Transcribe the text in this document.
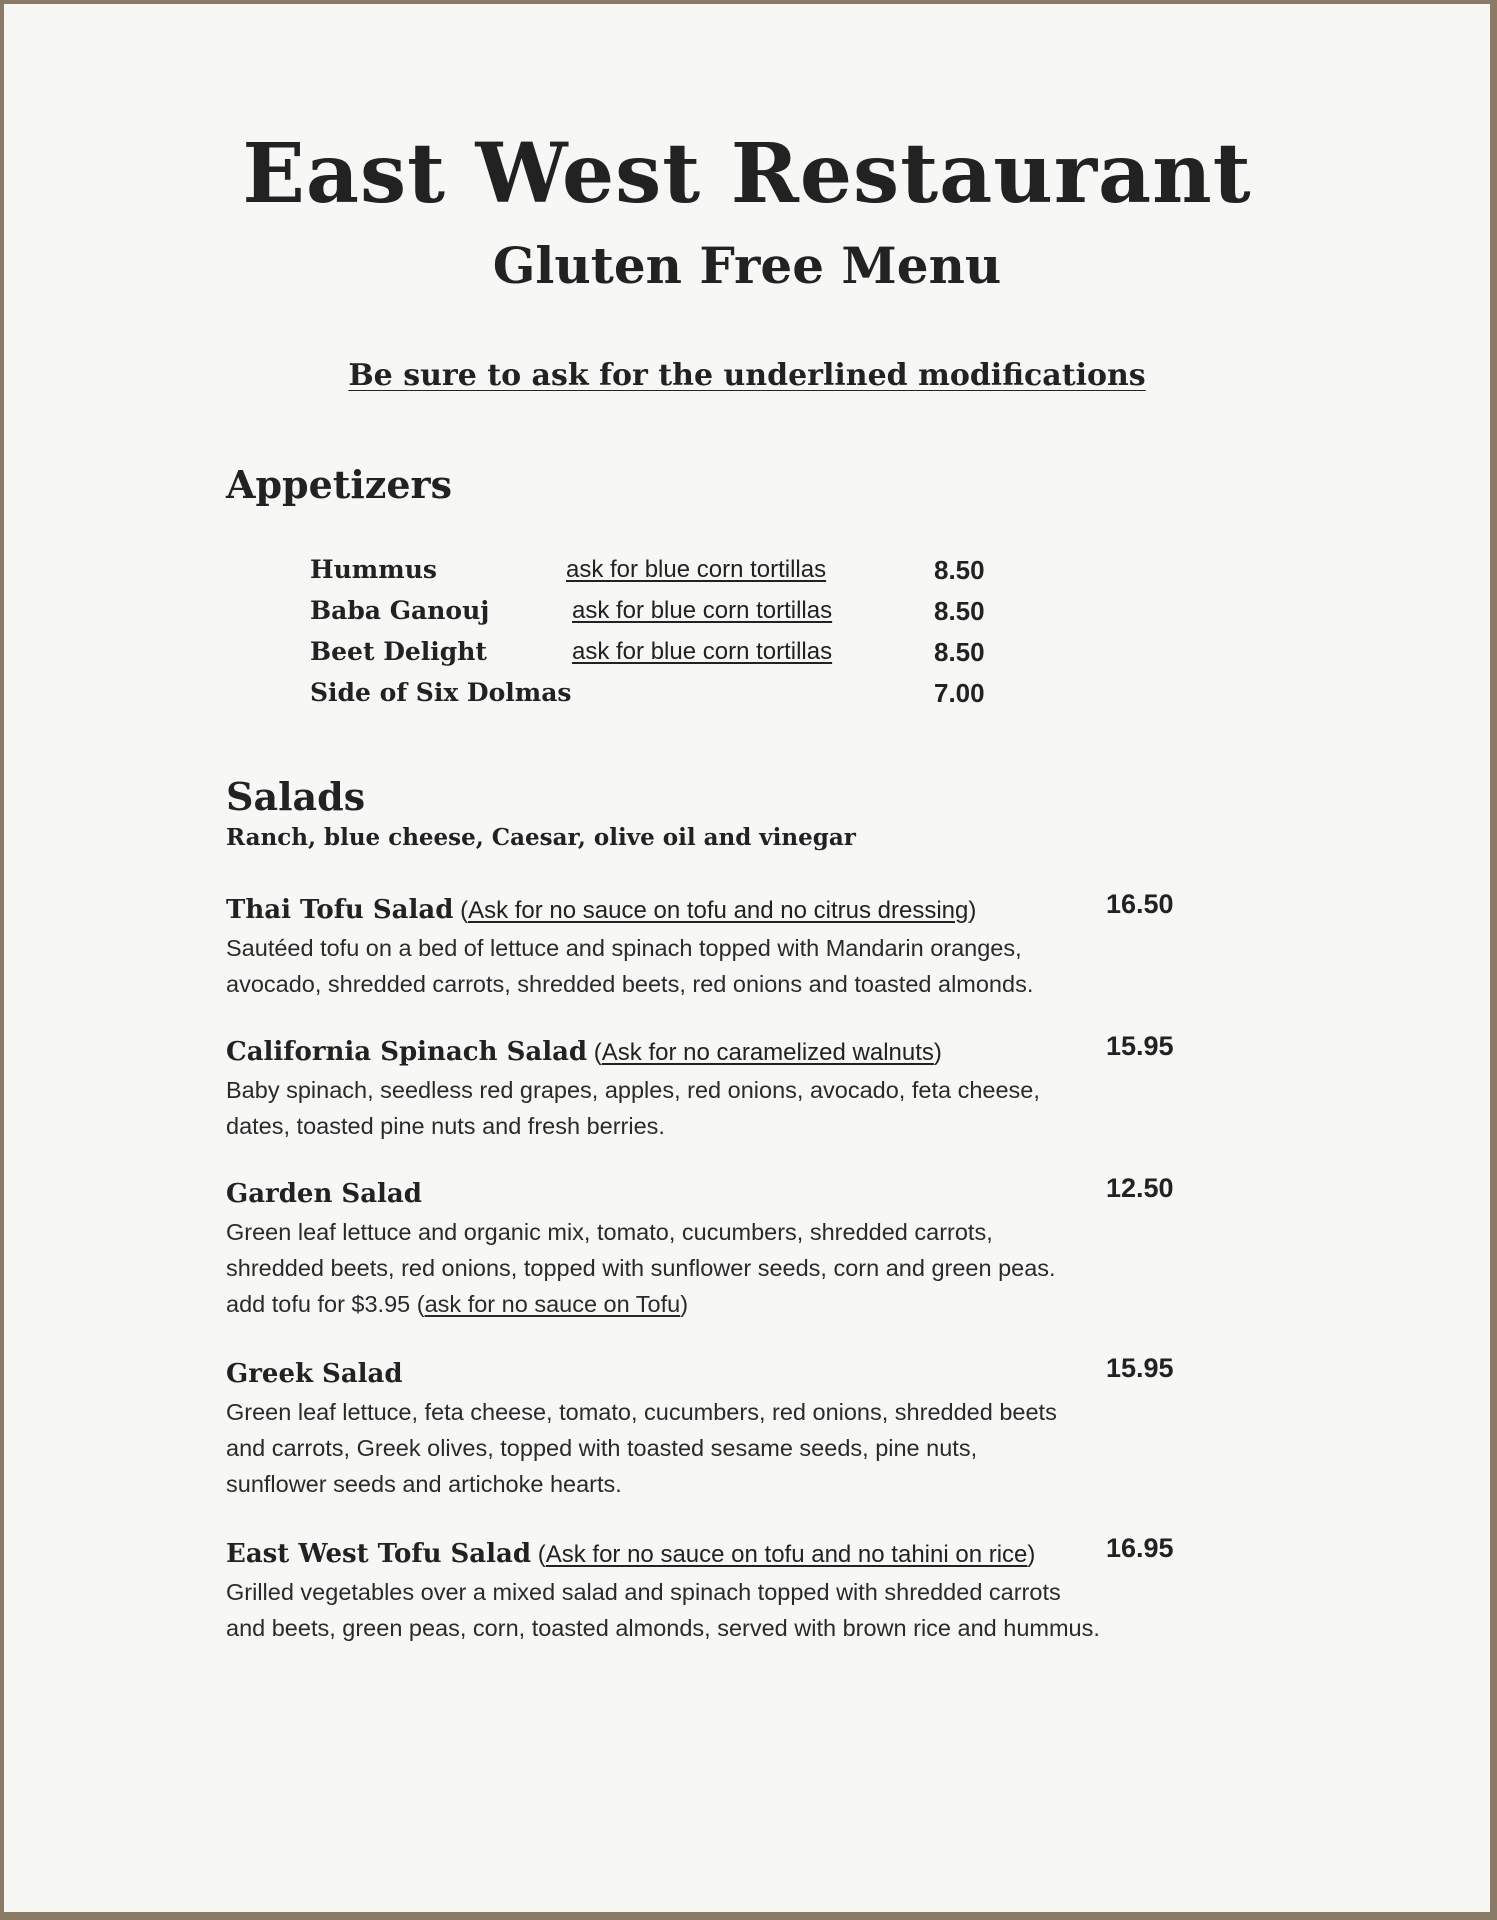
East West Restaurant
Gluten Free Menu
Be sure to ask for the underlined modifications
Appetizers
Hummus	ask for blue corn tortillas	8.50
Baba Ganouj	ask for blue corn tortillas	8.50
Beet Delight	ask for blue corn tortillas	8.50
Side of Six Dolmas	7.00
Salads
Ranch, blue cheese, Caesar, olive oil and vinegar
Thai Tofu Salad (Ask for no sauce on tofu and no citrus dressing)	16.50

Sautéed tofu on a bed of lettuce and spinach topped with Mandarin oranges,
avocado, shredded carrots, shredded beets, red onions and toasted almonds.

California Spinach Salad (Ask for no caramelized walnuts)	15.95

Baby spinach, seedless red grapes, apples, red onions, avocado, feta cheese,
dates, toasted pine nuts and fresh berries.

Garden Salad	12.50

Green leaf lettuce and organic mix, tomato, cucumbers, shredded carrots,
shredded beets, red onions, topped with sunflower seeds, corn and green peas.
add tofu for $3.95 (ask for no sauce on Tofu)

Greek Salad	15.95

Green leaf lettuce, feta cheese, tomato, cucumbers, red onions, shredded beets
and carrots, Greek olives, topped with toasted sesame seeds, pine nuts,
sunflower seeds and artichoke hearts.

East West Tofu Salad (Ask for no sauce on tofu and no tahini on rice)	16.95

Grilled vegetables over a mixed salad and spinach topped with shredded carrots
and beets, green peas, corn, toasted almonds, served with brown rice and hummus.
